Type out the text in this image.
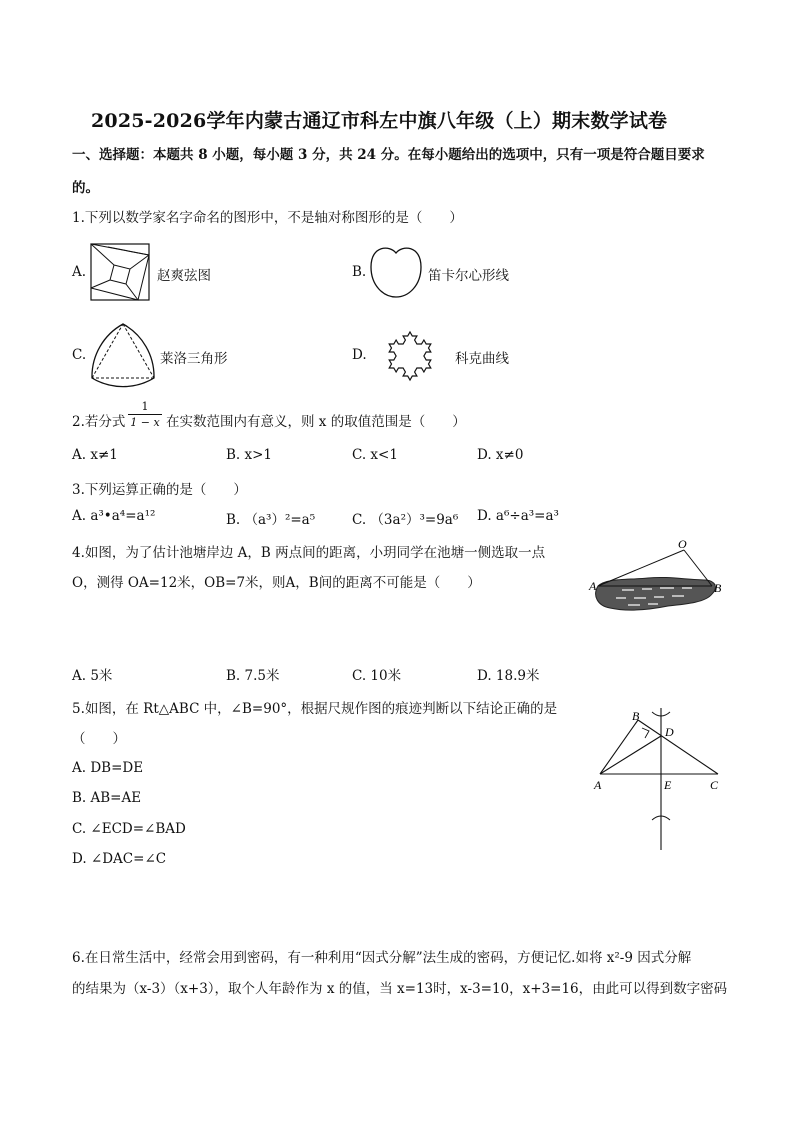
2025-2026学年内蒙古通辽市科左中旗八年级（上）期末数学试卷
一、选择题：本题共 8 小题，每小题 3 分，共 24 分。在每小题给出的选项中，只有一项是符合题目要求
的。
1.下列以数学家名字命名的图形中，不是轴对称图形的是（　　）
A.	赵爽弦图	B.	笛卡尔心形线
C.	莱洛三角形	D.	科克曲线
2.若分式
1
1 − x 在实数范围内有意义，则 x 的取值范围是（　　）
A. x≠1	B. x>1	C. x<1	D. x≠0
3.下列运算正确的是（　　）
A. a³•a⁴=a¹²	B. （a³）²=a⁵	C. （3a²）³=9a⁶ D. a⁶÷a³=a³
4.如图，为了估计池塘岸边 A，B 两点间的距离，小玥同学在池塘一侧选取一点
O，测得 OA=12米，OB=7米，则A，B间的距离不可能是（　　）
O
A	B
A. 5米	B. 7.5米	C. 10米	D. 18.9米
5.如图，在 Rt△ABC 中，∠B=90°，根据尺规作图的痕迹判断以下结论正确的是
（　　）
A. DB=DE
B. AB=AE
C. ∠ECD=∠BAD
D. ∠DAC=∠C
B
D
A	E	C
6.在日常生活中，经常会用到密码，有一种利用“因式分解”法生成的密码，方便记忆.如将 x²-9 因式分解
的结果为（x-3）（x+3），取个人年龄作为 x 的值，当 x=13时，x-3=10，x+3=16，由此可以得到数字密码
